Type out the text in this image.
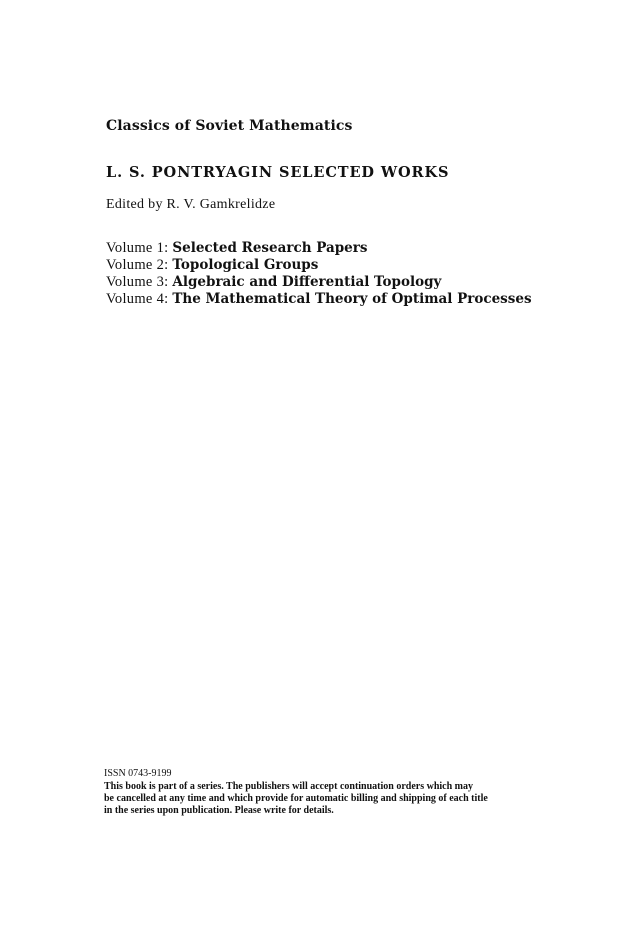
Classics of Soviet Mathematics
L. S. PONTRYAGIN SELECTED WORKS
Edited by R. V. Gamkrelidze
Volume 1: Selected Research Papers
Volume 2: Topological Groups
Volume 3: Algebraic and Differential Topology
Volume 4: The Mathematical Theory of Optimal Processes
ISSN 0743-9199
This book is part of a series. The publishers will accept continuation orders which may
be cancelled at any time and which provide for automatic billing and shipping of each title
in the series upon publication. Please write for details.
